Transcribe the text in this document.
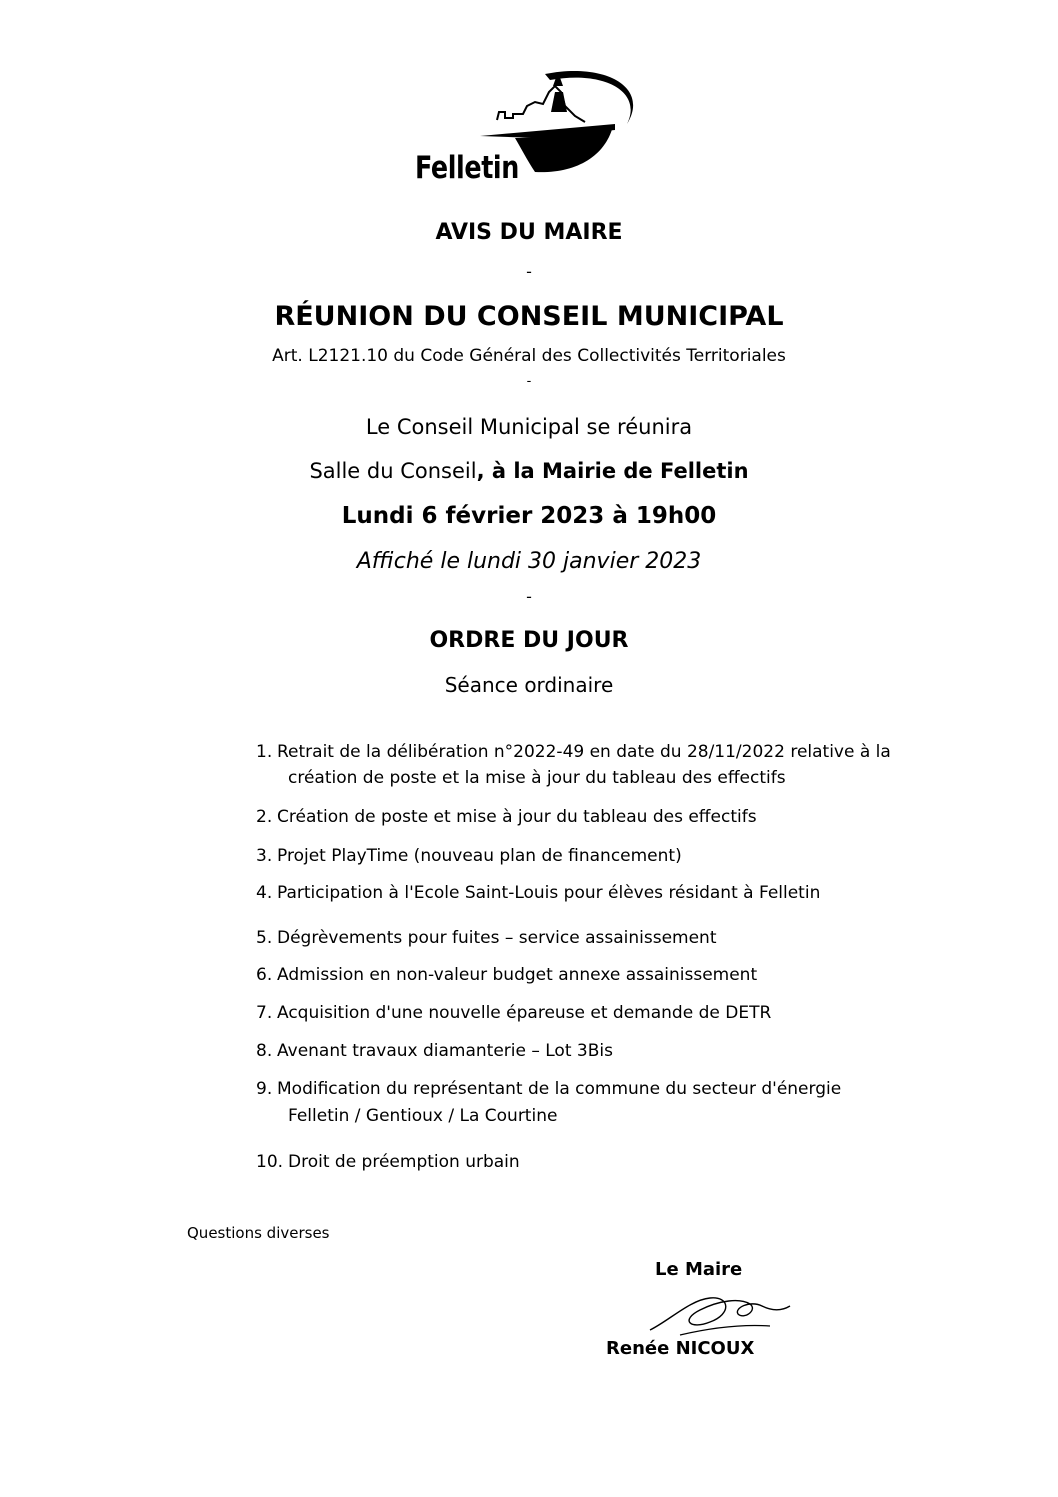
Felletin
AVIS DU MAIRE
-
RÉUNION DU CONSEIL MUNICIPAL
Art. L2121.10 du Code Général des Collectivités Territoriales
-
Le Conseil Municipal se réunira
Salle du Conseil, à la Mairie de Felletin
Lundi 6 février 2023 à 19h00
Affiché le lundi 30 janvier 2023
-
ORDRE DU JOUR
Séance ordinaire
1. Retrait de la délibération n°2022-49 en date du 28/11/2022 relative à la
création de poste et la mise à jour du tableau des effectifs
2. Création de poste et mise à jour du tableau des effectifs
3. Projet PlayTime (nouveau plan de financement)
4. Participation à l'Ecole Saint-Louis pour élèves résidant à Felletin
5. Dégrèvements pour fuites – service assainissement
6. Admission en non-valeur budget annexe assainissement
7. Acquisition d'une nouvelle épareuse et demande de DETR
8. Avenant travaux diamanterie – Lot 3Bis
9. Modification du représentant de la commune du secteur d'énergie
Felletin / Gentioux / La Courtine
10. Droit de préemption urbain
Questions diverses
Le Maire
Renée NICOUX
